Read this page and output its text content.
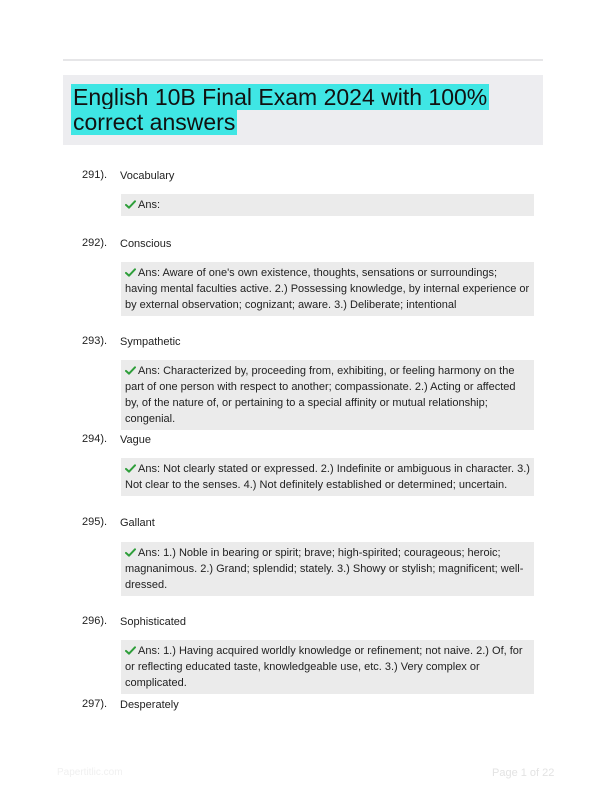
English 10B Final Exam 2024 with 100% correct answers
291). Vocabulary
Ans:
292). Conscious
Ans: Aware of one's own existence, thoughts, sensations or surroundings; having mental faculties active. 2.) Possessing knowledge, by internal experience or by external observation; cognizant; aware. 3.) Deliberate; intentional
293). Sympathetic
Ans: Characterized by, proceeding from, exhibiting, or feeling harmony on the part of one person with respect to another; compassionate. 2.) Acting or affected by, of the nature of, or pertaining to a special affinity or mutual relationship; congenial.
294). Vague
Ans: Not clearly stated or expressed. 2.) Indefinite or ambiguous in character. 3.) Not clear to the senses. 4.) Not definitely established or determined; uncertain.
295). Gallant
Ans: 1.) Noble in bearing or spirit; brave; high-spirited; courageous; heroic; magnanimous. 2.) Grand; splendid; stately. 3.) Showy or stylish; magnificent; well-dressed.
296). Sophisticated
Ans: 1.) Having acquired worldly knowledge or refinement; not naive. 2.) Of, for or reflecting educated taste, knowledgeable use, etc. 3.) Very complex or complicated.
297). Desperately
Papertitlic.com	Page 1 of 22
